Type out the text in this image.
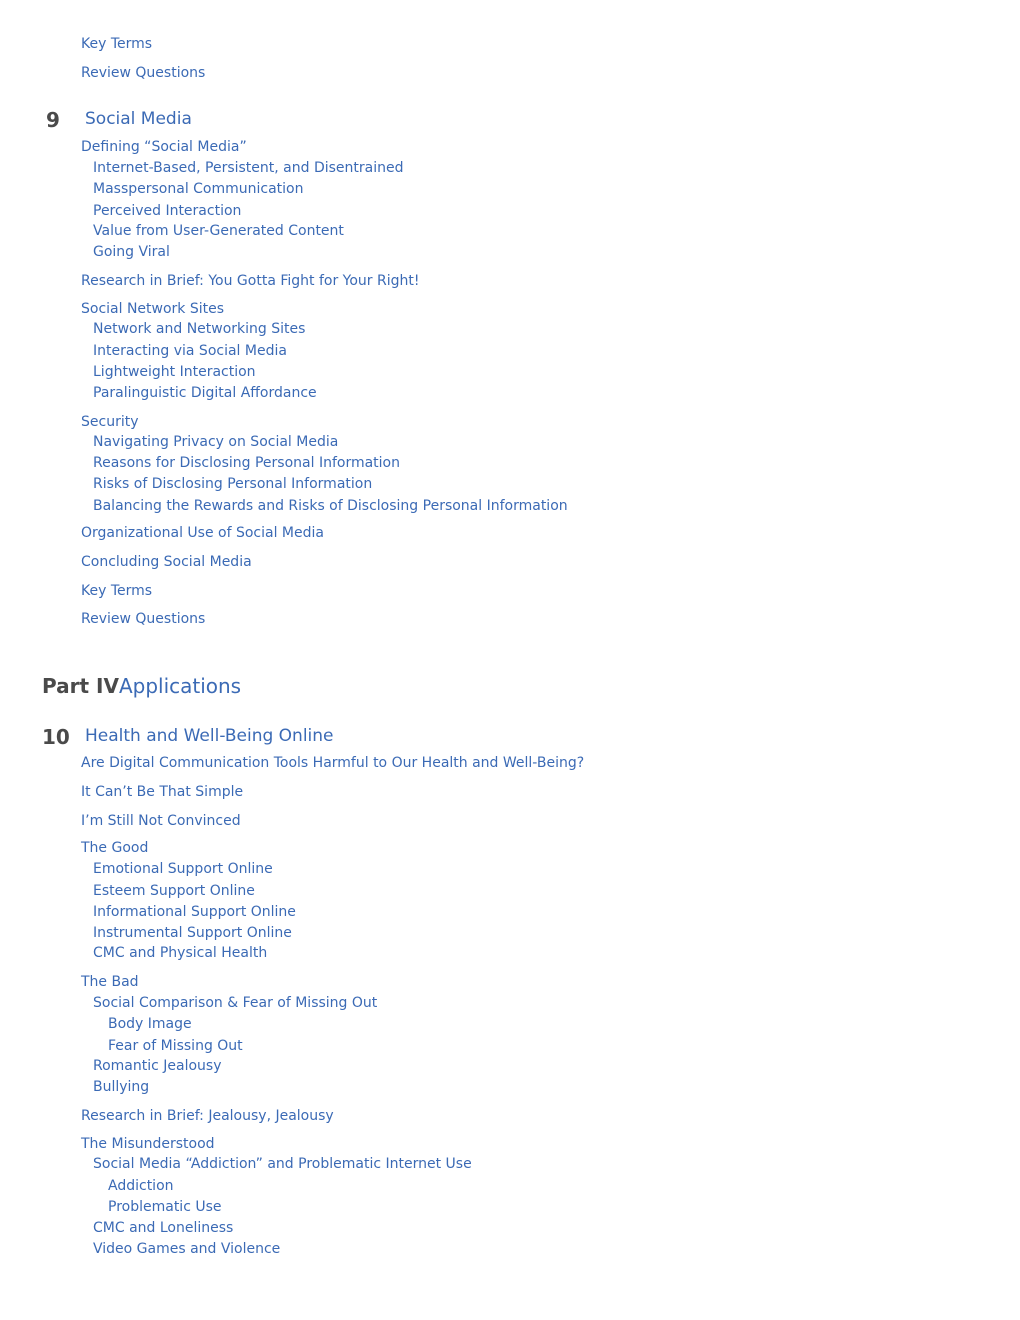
Key Terms
Review Questions
9 Social Media
Defining “Social Media”
Internet-Based, Persistent, and Disentrained
Masspersonal Communication
Perceived Interaction
Value from User-Generated Content
Going Viral
Research in Brief: You Gotta Fight for Your Right!
Social Network Sites
Network and Networking Sites
Interacting via Social Media
Lightweight Interaction
Paralinguistic Digital Affordance
Security
Navigating Privacy on Social Media
Reasons for Disclosing Personal Information
Risks of Disclosing Personal Information
Balancing the Rewards and Risks of Disclosing Personal Information
Organizational Use of Social Media
Concluding Social Media
Key Terms
Review Questions
Part IVApplications
10 Health and Well-Being Online
Are Digital Communication Tools Harmful to Our Health and Well-Being?
It Can’t Be That Simple
I’m Still Not Convinced
The Good
Emotional Support Online
Esteem Support Online
Informational Support Online
Instrumental Support Online
CMC and Physical Health
The Bad
Social Comparison & Fear of Missing Out
Body Image
Fear of Missing Out
Romantic Jealousy
Bullying
Research in Brief: Jealousy, Jealousy
The Misunderstood
Social Media “Addiction” and Problematic Internet Use
Addiction
Problematic Use
CMC and Loneliness
Video Games and Violence
